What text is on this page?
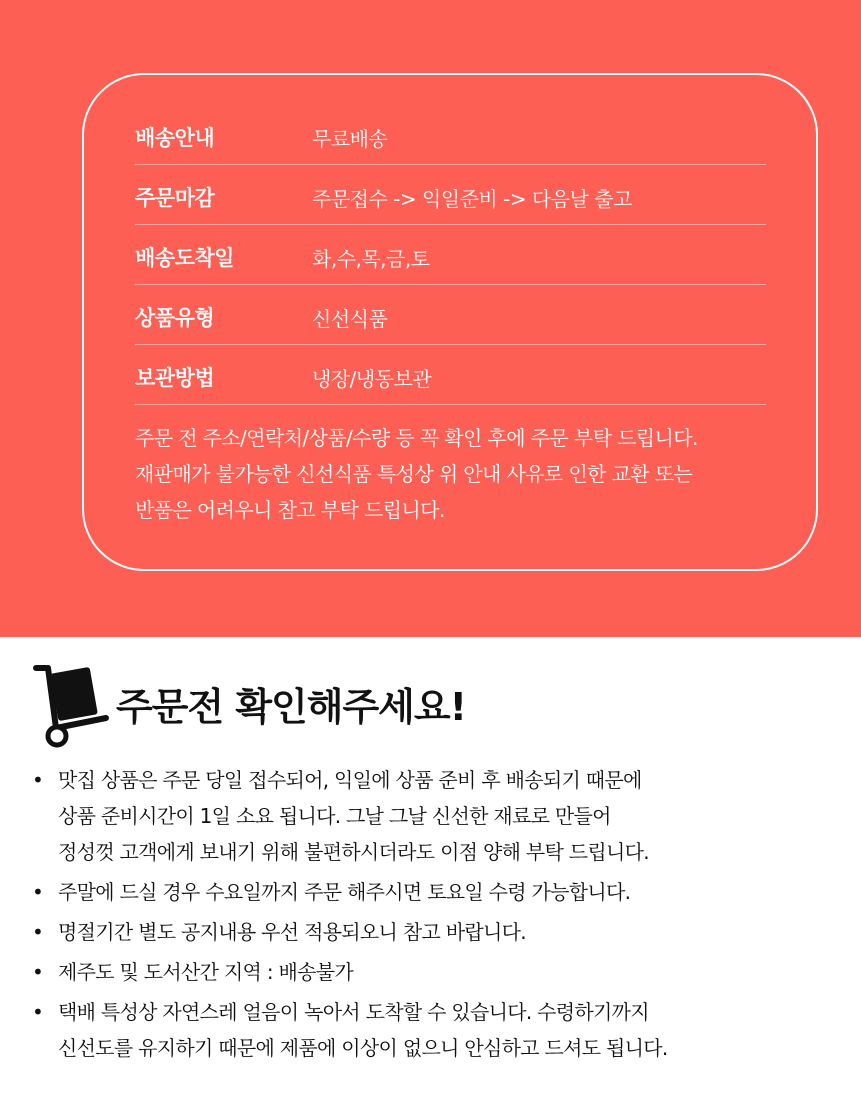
배송안내	무료배송
주문마감	주문접수 -> 익일준비 -> 다음날 출고
배송도착일	화,수,목,금,토
상품유형	신선식품
보관방법	냉장/냉동보관
주문 전 주소/연락처/상품/수량 등 꼭 확인 후에 주문 부탁 드립니다.
재판매가 불가능한 신선식품 특성상 위 안내 사유로 인한 교환 또는
반품은 어려우니 참고 부탁 드립니다.
주문전 확인해주세요!
• 맛집 상품은 주문 당일 접수되어, 익일에 상품 준비 후 배송되기 때문에
상품 준비시간이 1일 소요 됩니다. 그날 그날 신선한 재료로 만들어
정성껏 고객에게 보내기 위해 불편하시더라도 이점 양해 부탁 드립니다.
• 주말에 드실 경우 수요일까지 주문 해주시면 토요일 수령 가능합니다.
• 명절기간 별도 공지내용 우선 적용되오니 참고 바랍니다.
• 제주도 및 도서산간 지역 : 배송불가
• 택배 특성상 자연스레 얼음이 녹아서 도착할 수 있습니다. 수령하기까지
신선도를 유지하기 때문에 제품에 이상이 없으니 안심하고 드셔도 됩니다.
